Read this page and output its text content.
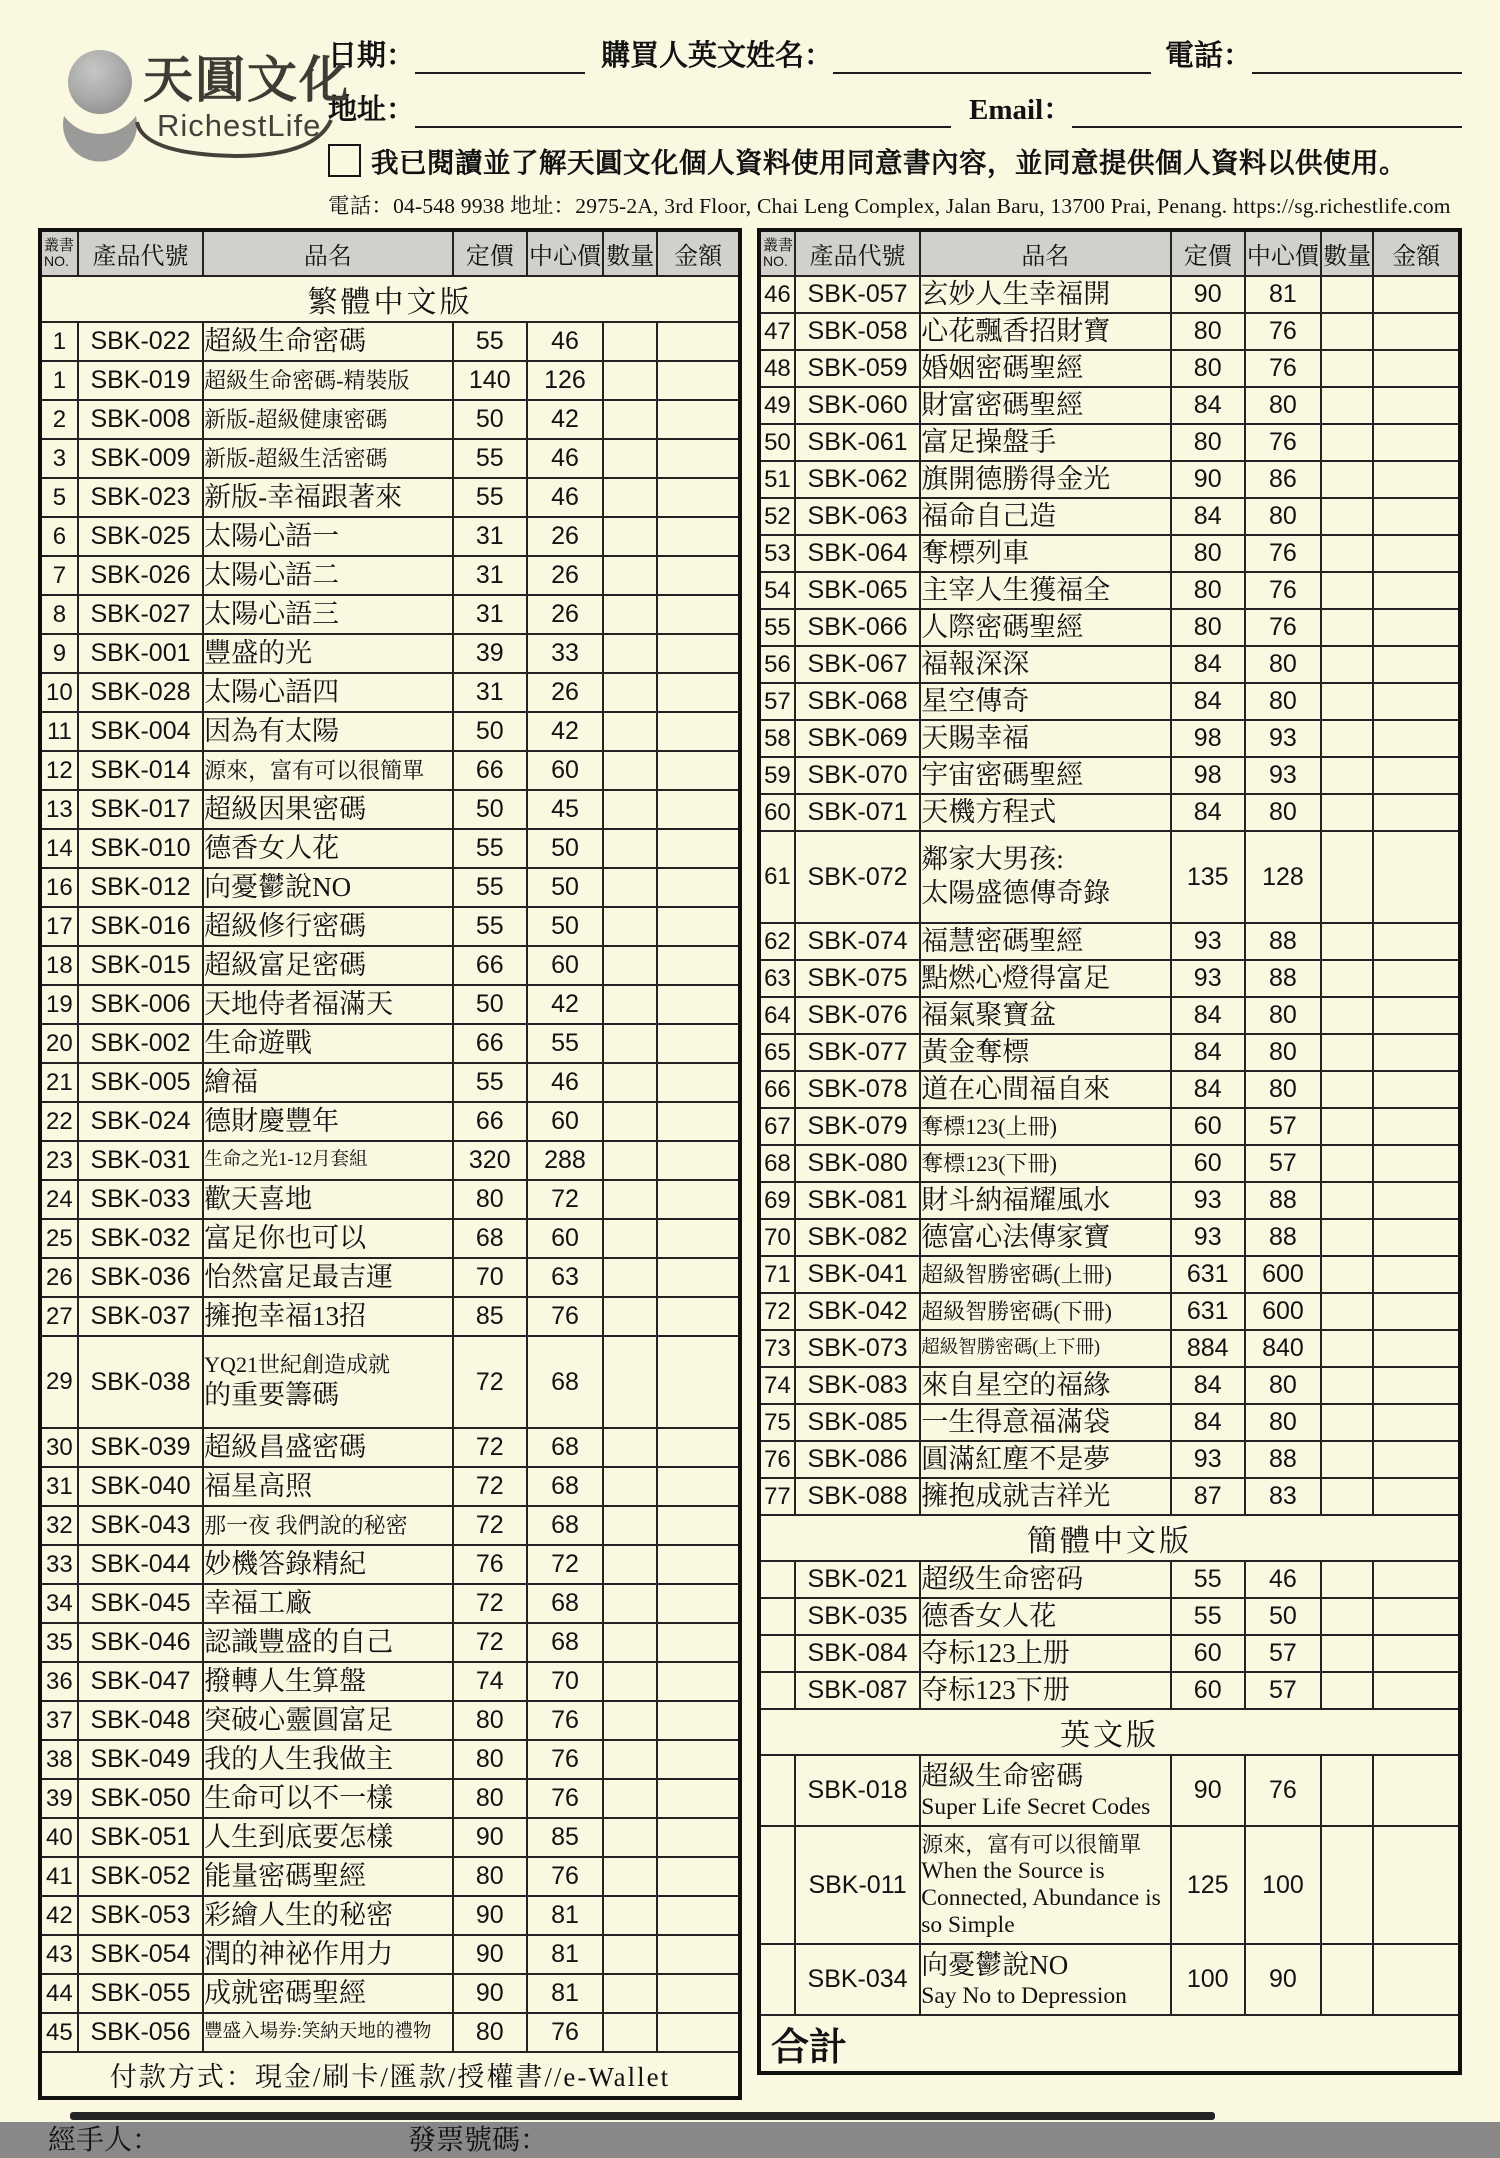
天圓文化
RichestLife
日期：	購買人英文姓名：	電話：
地址：	Email：
我已閱讀並了解天圓文化個人資料使用同意書內容，並同意提供個人資料以供使用。
電話：04-548 9938 地址：2975-2A, 3rd Floor, Chai Leng Complex, Jalan Baru, 13700 Prai, Penang. https://sg.richestlife.com
叢書
NO.	產品代號	品名	定價	中心價	數量	金額
繁體中文版						
1	SBK-022	超級生命密碼	55	46		
1	SBK-019	超級生命密碼-精裝版	140	126		
2	SBK-008	新版-超級健康密碼	50	42		
3	SBK-009	新版-超級生活密碼	55	46		
5	SBK-023	新版-幸福跟著來	55	46		
6	SBK-025	太陽心語一	31	26		
7	SBK-026	太陽心語二	31	26		
8	SBK-027	太陽心語三	31	26		
9	SBK-001	豐盛的光	39	33		
10	SBK-028	太陽心語四	31	26		
11	SBK-004	因為有太陽	50	42		
12	SBK-014	源來，富有可以很簡單	66	60		
13	SBK-017	超級因果密碼	50	45		
14	SBK-010	德香女人花	55	50		
16	SBK-012	向憂鬱說NO	55	50		
17	SBK-016	超級修行密碼	55	50		
18	SBK-015	超級富足密碼	66	60		
19	SBK-006	天地侍者福滿天	50	42		
20	SBK-002	生命遊戰	66	55		
21	SBK-005	繪福	55	46		
22	SBK-024	德財慶豐年	66	60		
23	SBK-031	生命之光1-12月套組	320	288		
24	SBK-033	歡天喜地	80	72		
25	SBK-032	富足你也可以	68	60		
26	SBK-036	怡然富足最吉運	70	63		
27	SBK-037	擁抱幸福13招	85	76		
29	SBK-038	YQ21世紀創造成就
的重要籌碼	72	68		
30	SBK-039	超級昌盛密碼	72	68		
31	SBK-040	福星高照	72	68		
32	SBK-043	那一夜 我們說的秘密	72	68		
33	SBK-044	妙機答錄精紀	76	72		
34	SBK-045	幸福工廠	72	68		
35	SBK-046	認識豐盛的自己	72	68		
36	SBK-047	撥轉人生算盤	74	70		
37	SBK-048	突破心靈圓富足	80	76		
38	SBK-049	我的人生我做主	80	76		
39	SBK-050	生命可以不一樣	80	76		
40	SBK-051	人生到底要怎樣	90	85		
41	SBK-052	能量密碼聖經	80	76		
42	SBK-053	彩繪人生的秘密	90	81		
43	SBK-054	潤的神祕作用力	90	81		
44	SBK-055	成就密碼聖經	90	81		
45	SBK-056	豐盛入場券:笑納天地的禮物	80	76		
付款方式：現金/刷卡/匯款/授權書//e-Wallet						
叢書
NO.	產品代號	品名	定價	中心價	數量	金額
46	SBK-057	玄妙人生幸福開	90	81		
47	SBK-058	心花飄香招財寶	80	76		
48	SBK-059	婚姻密碼聖經	80	76		
49	SBK-060	財富密碼聖經	84	80		
50	SBK-061	富足操盤手	80	76		
51	SBK-062	旗開德勝得金光	90	86		
52	SBK-063	福命自己造	84	80		
53	SBK-064	奪標列車	80	76		
54	SBK-065	主宰人生獲福全	80	76		
55	SBK-066	人際密碼聖經	80	76		
56	SBK-067	福報深深	84	80		
57	SBK-068	星空傳奇	84	80		
58	SBK-069	天賜幸福	98	93		
59	SBK-070	宇宙密碼聖經	98	93		
60	SBK-071	天機方程式	84	80		
61	SBK-072	鄰家大男孩:
太陽盛德傳奇錄	135	128		
62	SBK-074	福慧密碼聖經	93	88		
63	SBK-075	點燃心燈得富足	93	88		
64	SBK-076	福氣聚寶盆	84	80		
65	SBK-077	黃金奪標	84	80		
66	SBK-078	道在心間福自來	84	80		
67	SBK-079	奪標123(上冊)	60	57		
68	SBK-080	奪標123(下冊)	60	57		
69	SBK-081	財斗納福耀風水	93	88		
70	SBK-082	德富心法傳家寶	93	88		
71	SBK-041	超級智勝密碼(上冊)	631	600		
72	SBK-042	超級智勝密碼(下冊)	631	600		
73	SBK-073	超級智勝密碼(上下冊)	884	840		
74	SBK-083	來自星空的福緣	84	80		
75	SBK-085	一生得意福滿袋	84	80		
76	SBK-086	圓滿紅塵不是夢	93	88		
77	SBK-088	擁抱成就吉祥光	87	83		
簡體中文版						
	SBK-021	超级生命密码	55	46		
	SBK-035	德香女人花	55	50		
	SBK-084	夺标123上册	60	57		
	SBK-087	夺标123下册	60	57		
英文版						
	SBK-018	超級生命密碼
Super Life Secret Codes	90	76		
	SBK-011	源來，富有可以很簡單
When the Source is Connected, Abundance is so Simple	125	100		
	SBK-034	向憂鬱說NO
Say No to Depression	100	90		
合計						
經手人：	發票號碼：
